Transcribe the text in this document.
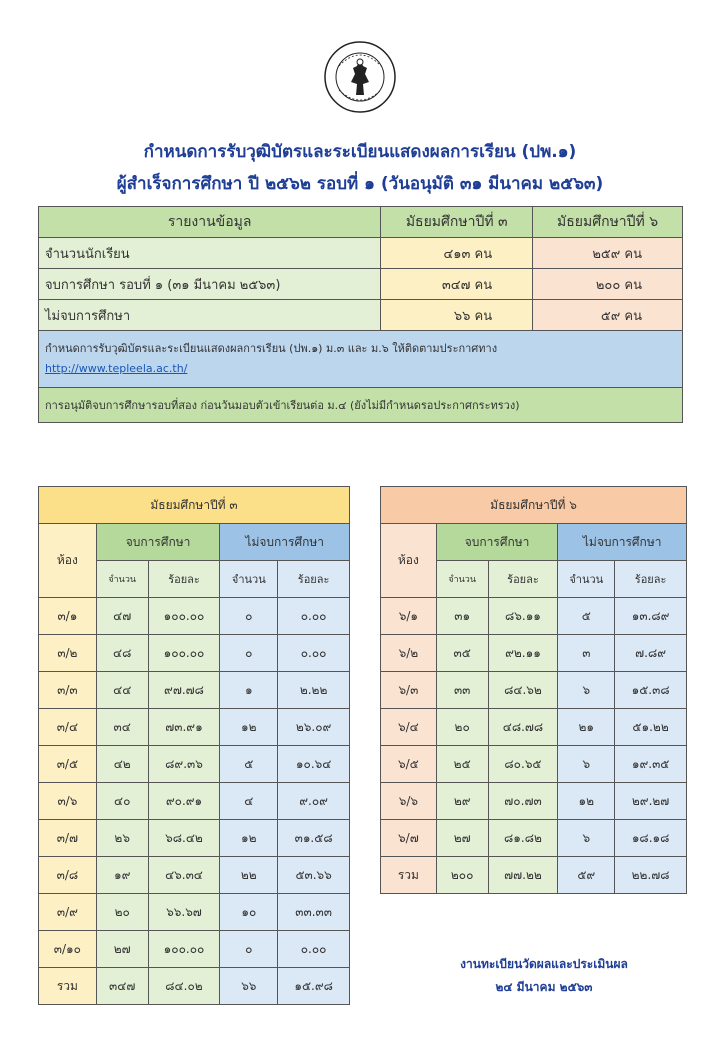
กำหนดการรับวุฒิบัตรและระเบียนแสดงผลการเรียน (ปพ.๑)
ผู้สำเร็จการศึกษา ปี ๒๕๖๒ รอบที่ ๑ (วันอนุมัติ ๓๑ มีนาคม ๒๕๖๓)
รายงานข้อมูล	มัธยมศึกษาปีที่ ๓	มัธยมศึกษาปีที่ ๖
จำนวนนักเรียน	๔๑๓ คน	๒๕๙ คน
จบการศึกษา รอบที่ ๑ (๓๑ มีนาคม ๒๕๖๓)	๓๔๗ คน	๒๐๐ คน
ไม่จบการศึกษา	๖๖ คน	๕๙ คน
กำหนดการรับวุฒิบัตรและระเบียนแสดงผลการเรียน (ปพ.๑) ม.๓ และ ม.๖ ให้ติดตามประกาศทาง
http://www.tepleela.ac.th/		
การอนุมัติจบการศึกษารอบที่สอง ก่อนวันมอบตัวเข้าเรียนต่อ ม.๔ (ยังไม่มีกำหนดรอประกาศกระทรวง)		
มัธยมศึกษาปีที่ ๓				
ห้อง	จบการศึกษา		ไม่จบการศึกษา	
	จำนวน	ร้อยละ	จำนวน	ร้อยละ
๓/๑	๔๗	๑๐๐.๐๐	๐	๐.๐๐
๓/๒	๔๘	๑๐๐.๐๐	๐	๐.๐๐
๓/๓	๔๔	๙๗.๗๘	๑	๒.๒๒
๓/๔	๓๔	๗๓.๙๑	๑๒	๒๖.๐๙
๓/๕	๔๒	๘๙.๓๖	๕	๑๐.๖๔
๓/๖	๔๐	๙๐.๙๑	๔	๙.๐๙
๓/๗	๒๖	๖๘.๔๒	๑๒	๓๑.๕๘
๓/๘	๑๙	๔๖.๓๔	๒๒	๕๓.๖๖
๓/๙	๒๐	๖๖.๖๗	๑๐	๓๓.๓๓
๓/๑๐	๒๗	๑๐๐.๐๐	๐	๐.๐๐
รวม	๓๔๗	๘๔.๐๒	๖๖	๑๕.๙๘
มัธยมศึกษาปีที่ ๖				
ห้อง	จบการศึกษา		ไม่จบการศึกษา	
	จำนวน	ร้อยละ	จำนวน	ร้อยละ
๖/๑	๓๑	๘๖.๑๑	๕	๑๓.๘๙
๖/๒	๓๕	๙๒.๑๑	๓	๗.๘๙
๖/๓	๓๓	๘๔.๖๒	๖	๑๕.๓๘
๖/๔	๒๐	๔๘.๗๘	๒๑	๕๑.๒๒
๖/๕	๒๕	๘๐.๖๕	๖	๑๙.๓๕
๖/๖	๒๙	๗๐.๗๓	๑๒	๒๙.๒๗
๖/๗	๒๗	๘๑.๘๒	๖	๑๘.๑๘
รวม	๒๐๐	๗๗.๒๒	๕๙	๒๒.๗๘
งานทะเบียนวัดผลและประเมินผล
๒๔ มีนาคม ๒๕๖๓
